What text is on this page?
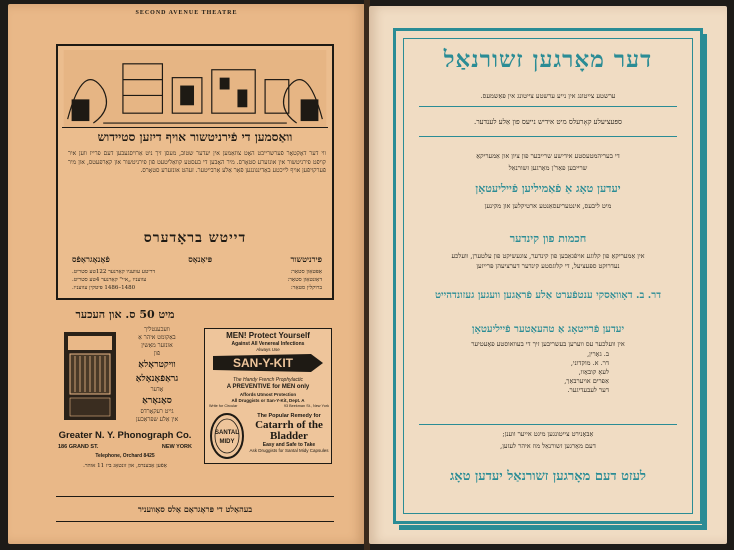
SECOND AVENUE THEATRE
וואַסמען די פֿירניטשור אויף דיזען סטיידוש
ווי דער דאָקטאָר פֿערשרייבט האָט צוזאַמען אין יעדער שטוב, מעסן זיך ניט אַרויסגעבען דעם פרייז ווען איר קויפֿט פירניטשור אין אונזערע סטאָרס. מיר האָבען די בעסטע קוואַליטעט פֿון פירניטשור און קאַרפעטס, און מיר פֿערקויפֿען אויף לייכטע באַדינגונגען פֿאַר אַלע אַרבייטער. זעהט אונזערע סטאָרס.
דייטש בראָדערס
פירניטשור
פּיאַנאָס
פֿאָנאָגראַפֿס
אַפּטאַון סטאָר:
דריטע עוועניו קאָרנער 122טע סטריט.
דאַונטאַון סטאָר:
עוועניו „איי" קאָרנער 4טע סטריט.
ברוקלין סטאָר:
1480–1486 פּיטקין עוועניו.
מיט 50 ס. און העכער
וועכענטליך
באַקומט איהר אַ
אונזער מאַשין
פֿון
וויקטראָלאַ
גראַפֿאָנאָלאַ
אָדער
סאָנאָראַ
גייט רעקאָרדס
אין אַלע שפּראַכען
Greater N. Y. Phonograph Co.
186 GRAND ST.	NEW YORK
Telephone, Orchard 8425
אָפֿען אָבענדס, און זונטאָג ביז 11 אוהר.
MEN! Protect Yourself
Against All Venereal Infections
Always Use
SAN-Y-KIT
The Handy French Prophylactic
A PREVENTIVE for MEN only
Affords Utmost Protection
All Druggists or San-Y-Kit, Dept. A
Write for Circular	93 Beekman St., New York
SANTAL
MIDY
The Popular Remedy for
Catarrh of the Bladder
Easy and Safe to Take
Ask Druggists for Santal Midy Capsules
בעהאַלט די פּראָגראַם אַלס סאָוועניר
דער מאָרגען זשורנאַל
ערשטע צייטונג אין נייע ערשטע צייטונג אין פּאַשמעס.
ספּעציעלע קאָרעלס מיט אידיש נייעס פון אַלע לענדער.
די בעריהמטעסטע אידישע שרייבער פון ציון און אַמעריקאַ
שרייבען פאַר'ן מאָרגען זשורנאַל
יעדען טאָג אַ פֿאַמיליען פֿייליעטאָן
מיט ליבעס, אינטעריעסאַנטע ארטיקלען און מקינען
חכמות פון קינדער
אין אַמעריקאַ פון קלוגע אויפֿגאַבען פון קינדער, צוגעשיקט פון עלטערן, וועלכע
נעדרוקט ספּעציעל, די קלוגסטע קינדער דערציעהן פּרייזען
דר. ב. דאָוואַסקי ענטפֿערט אַלע פֿראַגען וועגען געזונדהייט
יעדען פֿרייטאָג אַ טהעאַטער פֿייליעטאָן
אין וועלכער עס ווערען בעשריבען זיך די בעוואוסטע פאָעטיער
ב. גאָרין,
דר. א. מוקדוני,
לעאָ קובאָוו,
אַפרים אויערבאַך,
דער לעבעדיגער.
אַבאָנירט צייטונגען מיגט אייער ווענן;
דעם מאָרגען זשורנאַל מוז איהר לעזען,
לעזט דעם מאָרגען זשורנאַל יעדען טאָג
